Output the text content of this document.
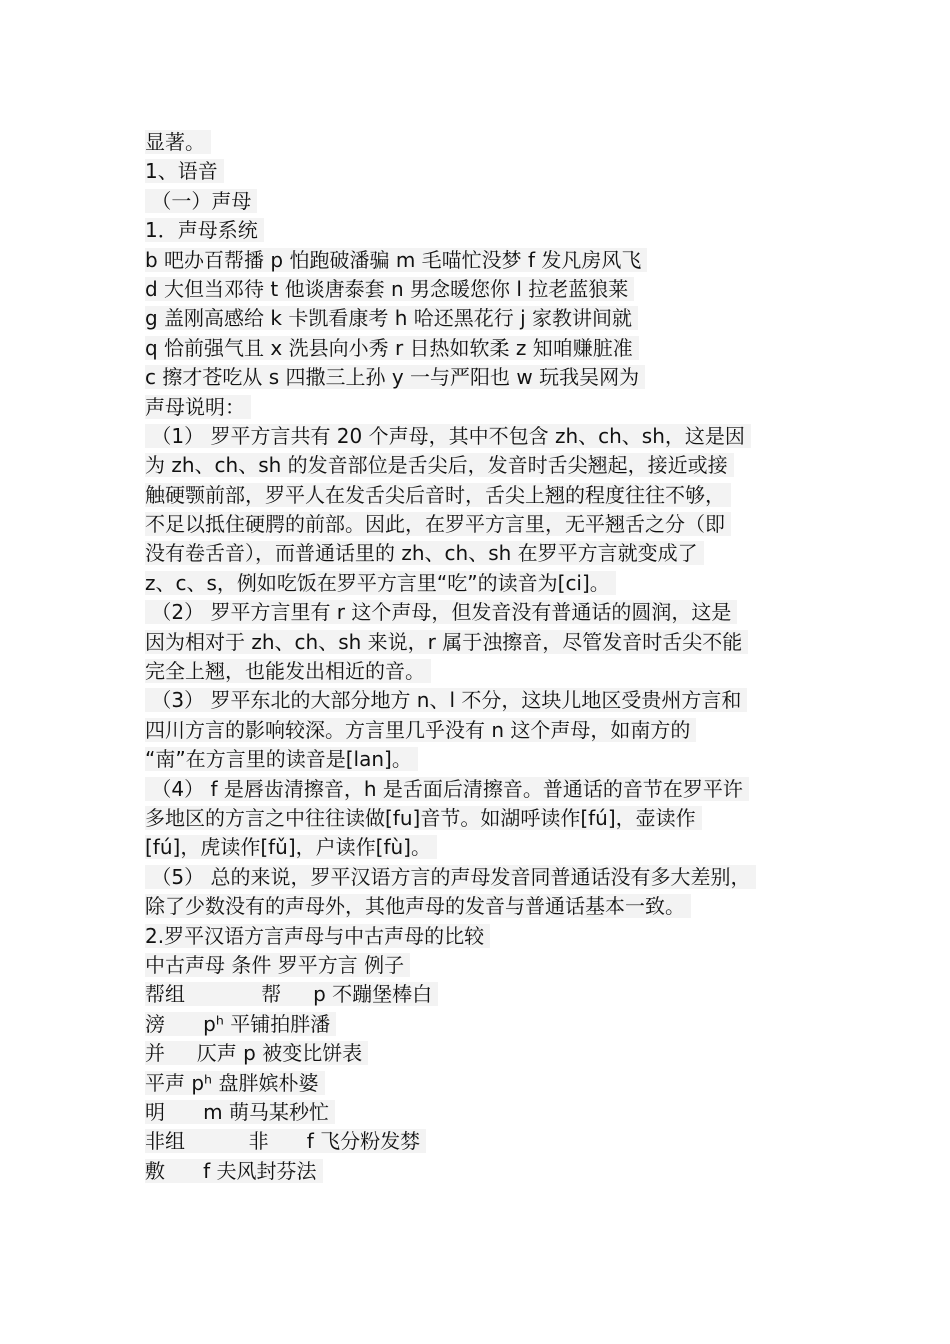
显著。
1、语音
（一）声母
1．声母系统
b 吧办百帮播 p 怕跑破潘骗 m 毛喵忙没梦 f 发凡房风飞
d 大但当邓待 t 他谈唐泰套 n 男念暖您你 l 拉老蓝狼莱
g 盖刚高感给 k 卡凯看康考 h 哈还黑花行 j 家教讲间就
q 恰前强气且 x 洗县向小秀 r 日热如软柔 z 知咱赚脏准
c 擦才苍吃从 s 四撒三上孙 y 一与严阳也 w 玩我吴网为
声母说明：
（1） 罗平方言共有 20 个声母，其中不包含 zh、ch、sh，这是因
为 zh、ch、sh 的发音部位是舌尖后，发音时舌尖翘起，接近或接
触硬颚前部，罗平人在发舌尖后音时，舌尖上翘的程度往往不够，
不足以抵住硬腭的前部。因此，在罗平方言里，无平翘舌之分（即
没有卷舌音），而普通话里的 zh、ch、sh 在罗平方言就变成了
z、c、s，例如吃饭在罗平方言里“吃”的读音为[ci]。
（2） 罗平方言里有 r 这个声母，但发音没有普通话的圆润，这是
因为相对于 zh、ch、sh 来说，r 属于浊擦音，尽管发音时舌尖不能
完全上翘，也能发出相近的音。
（3） 罗平东北的大部分地方 n、l 不分，这块儿地区受贵州方言和
四川方言的影响较深。方言里几乎没有 n 这个声母，如南方的
“南”在方言里的读音是[lan]。
（4） f 是唇齿清擦音，h 是舌面后清擦音。普通话的音节在罗平许
多地区的方言之中往往读做[fu]音节。如湖呼读作[fú]，壶读作
[fú]，虎读作[fǔ]，户读作[fù]。
（5） 总的来说，罗平汉语方言的声母发音同普通话没有多大差别，
除了少数没有的声母外，其他声母的发音与普通话基本一致。
2.罗平汉语方言声母与中古声母的比较
中古声母 条件 罗平方言 例子
帮组            帮     p 不蹦堡棒白
滂      pʰ 平铺拍胖潘
并     仄声 p 被变比饼表
平声 pʰ 盘胖嫔朴婆
明      m 萌马某秒忙
非组          非      f 飞分粉发棼
敷      f 夫风封芬法
